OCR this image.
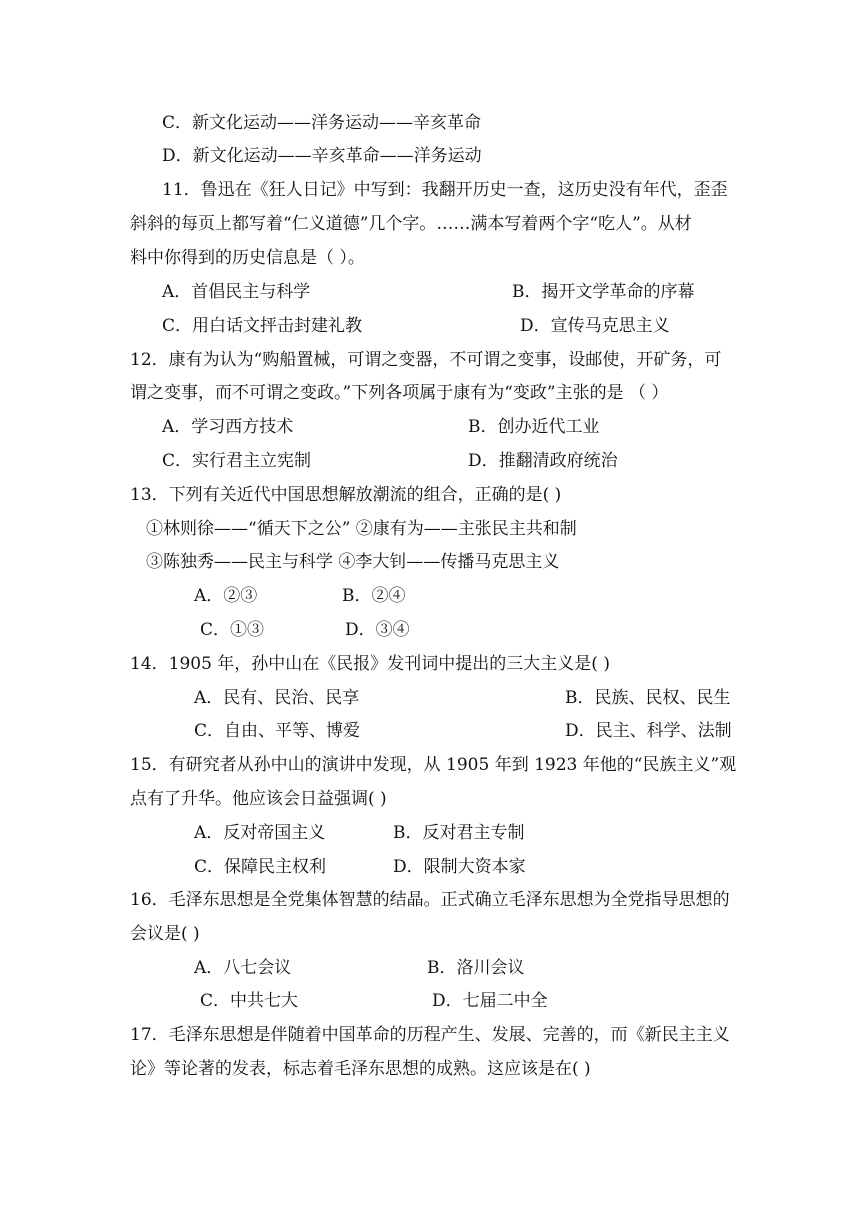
C．新文化运动——洋务运动——辛亥革命
D．新文化运动——辛亥革命——洋务运动
11．鲁迅在《狂人日记》中写到：我翻开历史一查，这历史没有年代，歪歪
斜斜的每页上都写着“仁义道德”几个字。……满本写着两个字“吃人”。从材
料中你得到的历史信息是（ ）。
A．首倡民主与科学	B．揭开文学革命的序幕
C．用白话文抨击封建礼教	D．宣传马克思主义
12．康有为认为“购船置械，可谓之变器，不可谓之变事，设邮使，开矿务，可
谓之变事，而不可谓之变政。”下列各项属于康有为“变政”主张的是 （ ）
A．学习西方技术	B．创办近代工业
C．实行君主立宪制	D．推翻清政府统治
13．下列有关近代中国思想解放潮流的组合，正确的是( )
①林则徐——“循天下之公” ②康有为——主张民主共和制
③陈独秀——民主与科学 ④李大钊——传播马克思主义
A．②③	B．②④
C．①③	D．③④
14．1905 年，孙中山在《民报》发刊词中提出的三大主义是( )
A．民有、民治、民享	B．民族、民权、民生
C．自由、平等、博爱	D．民主、科学、法制
15．有研究者从孙中山的演讲中发现，从 1905 年到 1923 年他的“民族主义”观
点有了升华。他应该会日益强调( )
A．反对帝国主义	B．反对君主专制
C．保障民主权利	D．限制大资本家
16．毛泽东思想是全党集体智慧的结晶。正式确立毛泽东思想为全党指导思想的
会议是( )
A．八七会议	B．洛川会议
C．中共七大	D．七届二中全
17．毛泽东思想是伴随着中国革命的历程产生、发展、完善的，而《新民主主义
论》等论著的发表，标志着毛泽东思想的成熟。这应该是在( )
